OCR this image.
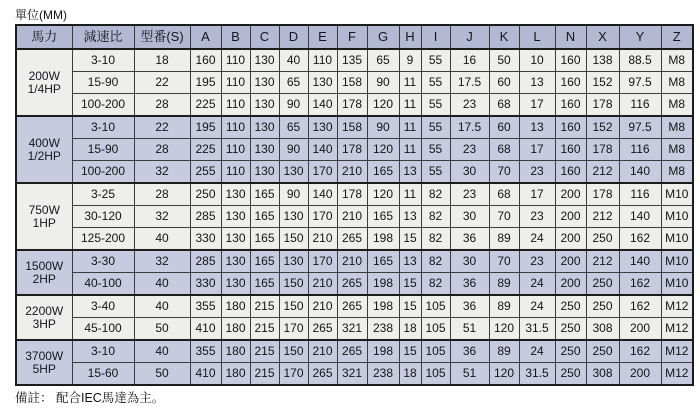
單位(MM)
馬力	減速比	型番(S)	A	B	C	D	E	F	G	H	I	J	K	L	N	X	Y	Z

200W
1/4HP	3-10	18	160	110	130	40	110	135	65	9	55	16	50	10	160	138	88.5	M8
	15-90	22	195	110	130	65	130	158	90	11	55	17.5	60	13	160	152	97.5	M8
	100-200	28	225	110	130	90	140	178	120	11	55	23	68	17	160	178	116	M8

400W
1/2HP	3-10	22	195	110	130	65	130	158	90	11	55	17.5	60	13	160	152	97.5	M8
	15-90	28	225	110	130	90	140	178	120	11	55	23	68	17	160	178	116	M8
	100-200	32	255	110	130	130	170	210	165	13	55	30	70	23	160	212	140	M8

750W
1HP	3-25	28	250	130	165	90	140	178	120	11	82	23	68	17	200	178	116	M10
	30-120	32	285	130	165	130	170	210	165	13	82	30	70	23	200	212	140	M10
	125-200	40	330	130	165	150	210	265	198	15	82	36	89	24	200	250	162	M10

1500W
2HP	3-30	32	285	130	165	130	170	210	165	13	82	30	70	23	200	212	140	M10
	40-100	40	330	130	165	150	210	265	198	15	82	36	89	24	200	250	162	M10

2200W
3HP	3-40	40	355	180	215	150	210	265	198	15	105	36	89	24	250	250	162	M12
	45-100	50	410	180	215	170	265	321	238	18	105	51	120	31.5	250	308	200	M12

3700W
5HP	3-10	40	355	180	215	150	210	265	198	15	105	36	89	24	250	250	162	M12
	15-60	50	410	180	215	170	265	321	238	18	105	51	120	31.5	250	308	200	M12
備註： 配合IEC馬達為主。
